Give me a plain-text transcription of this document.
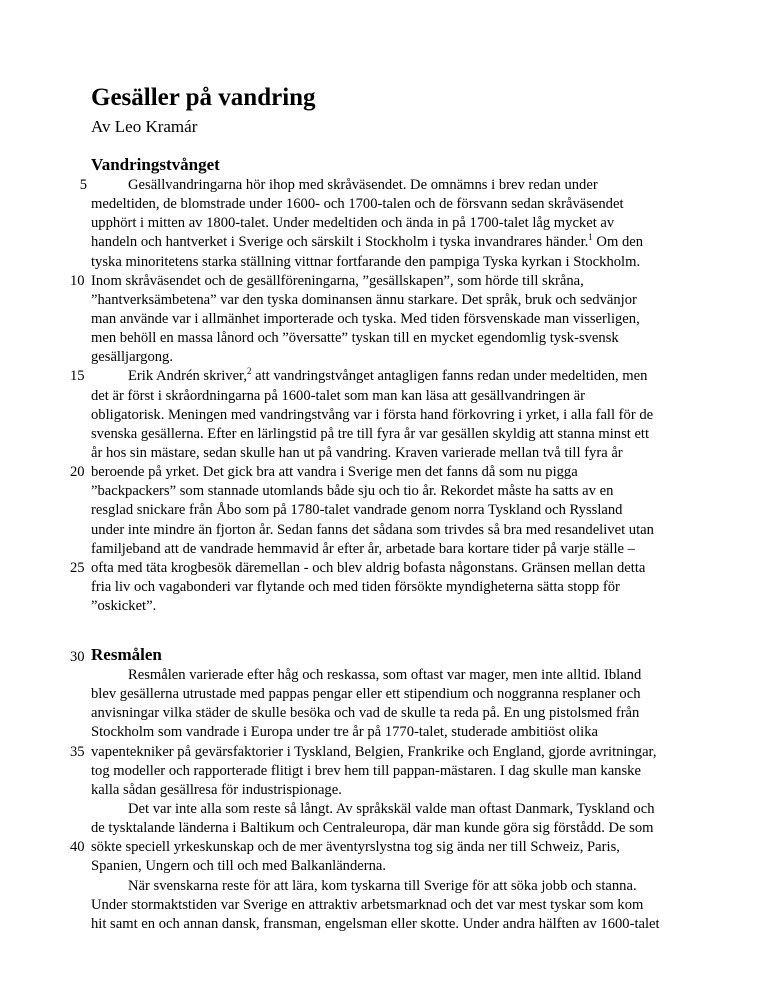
Gesäller på vandring

Av Leo Kramár

Vandringstvånget
5	Gesällvandringarna hör ihop med skråväsendet. De omnämns i brev redan under
medeltiden, de blomstrade under 1600- och 1700-talen och de försvann sedan skråväsendet
upphört i mitten av 1800-talet. Under medeltiden och ända in på 1700-talet låg mycket av
handeln och hantverket i Sverige och särskilt i Stockholm i tyska invandrares händer.$^1$ Om den
tyska minoritetens starka ställning vittnar fortfarande den pampiga Tyska kyrkan i Stockholm.
10 Inom skråväsendet och de gesällföreningarna, ”gesällskapen”, som hörde till skråna,
”hantverksämbetena” var den tyska dominansen ännu starkare. Det språk, bruk och sedvänjor
man använde var i allmänhet importerade och tyska. Med tiden försvenskade man visserligen,
men behöll en massa lånord och ”översatte” tyskan till en mycket egendomlig tysk-svensk
gesälljargong.
15	Erik Andrén skriver,$^2$ att vandringstvånget antagligen fanns redan under medeltiden, men
det är först i skråordningarna på 1600-talet som man kan läsa att gesällvandringen är
obligatorisk. Meningen med vandringstvång var i första hand förkovring i yrket, i alla fall för de
svenska gesällerna. Efter en lärlingstid på tre till fyra år var gesällen skyldig att stanna minst ett
år hos sin mästare, sedan skulle han ut på vandring. Kraven varierade mellan två till fyra år
20 beroende på yrket. Det gick bra att vandra i Sverige men det fanns då som nu pigga
”backpackers” som stannade utomlands både sju och tio år. Rekordet måste ha satts av en
resglad snickare från Åbo som på 1780-talet vandrade genom norra Tyskland och Ryssland
under inte mindre än fjorton år. Sedan fanns det sådana som trivdes så bra med resandelivet utan
familjeband att de vandrade hemmavid år efter år, arbetade bara kortare tider på varje ställe –
25 ofta med täta krogbesök däremellan - och blev aldrig bofasta någonstans. Gränsen mellan detta
fria liv och vagabonderi var flytande och med tiden försökte myndigheterna sätta stopp för
”oskicket”.
30 Resmålen
Resmålen varierade efter håg och reskassa, som oftast var mager, men inte alltid. Ibland
blev gesällerna utrustade med pappas pengar eller ett stipendium och noggranna resplaner och
anvisningar vilka städer de skulle besöka och vad de skulle ta reda på. En ung pistolsmed från
Stockholm som vandrade i Europa under tre år på 1770-talet, studerade ambitiöst olika
35 vapentekniker på gevärsfaktorier i Tyskland, Belgien, Frankrike och England, gjorde avritningar,
tog modeller och rapporterade flitigt i brev hem till pappan-mästaren. I dag skulle man kanske
kalla sådan gesällresa för industrispionage.
Det var inte alla som reste så långt. Av språkskäl valde man oftast Danmark, Tyskland och
de tysktalande länderna i Baltikum och Centraleuropa, där man kunde göra sig förstådd. De som
40 sökte speciell yrkeskunskap och de mer äventyrslystna tog sig ända ner till Schweiz, Paris,
Spanien, Ungern och till och med Balkanländerna.
När svenskarna reste för att lära, kom tyskarna till Sverige för att söka jobb och stanna.
Under stormaktstiden var Sverige en attraktiv arbetsmarknad och det var mest tyskar som kom
hit samt en och annan dansk, fransman, engelsman eller skotte. Under andra hälften av 1600-talet
